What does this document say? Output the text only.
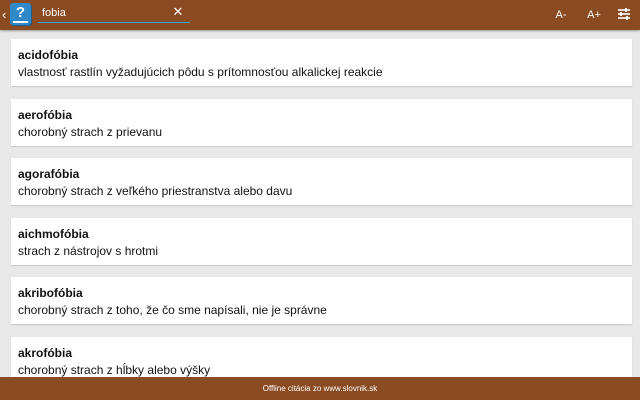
‹ ?
fobia	✕	A-	A+
acidofóbia
vlastnosť rastlín vyžadujúcich pôdu s prítomnosťou alkalickej reakcie
aerofóbia
chorobný strach z prievanu
agorafóbia
chorobný strach z veľkého priestranstva alebo davu
aichmofóbia
strach z nástrojov s hrotmi
akribofóbia
chorobný strach z toho, že čo sme napísali, nie je správne
akrofóbia
chorobný strach z hĺbky alebo výšky
Offline citácia zo www.slovnik.sk
